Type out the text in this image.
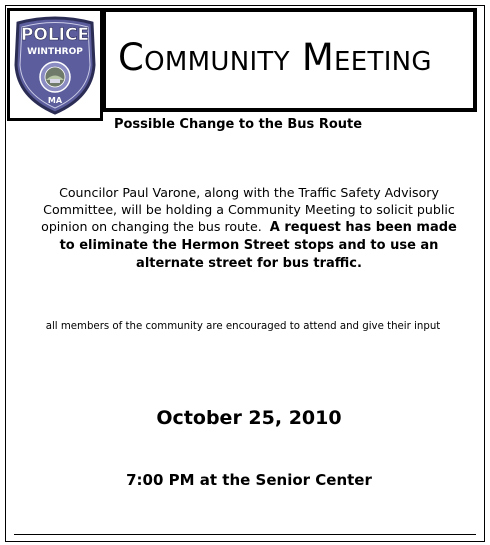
Community Meeting
POLICE
WINTHROP
MA
Possible Change to the Bus Route
Councilor Paul Varone, along with the Traffic Safety Advisory Committee, will be holding a Community Meeting to solicit public opinion on changing the bus route. A request has been made to eliminate the Hermon Street stops and to use an alternate street for bus traffic.
all members of the community are encouraged to attend and give their input
October 25, 2010
7:00 PM at the Senior Center
